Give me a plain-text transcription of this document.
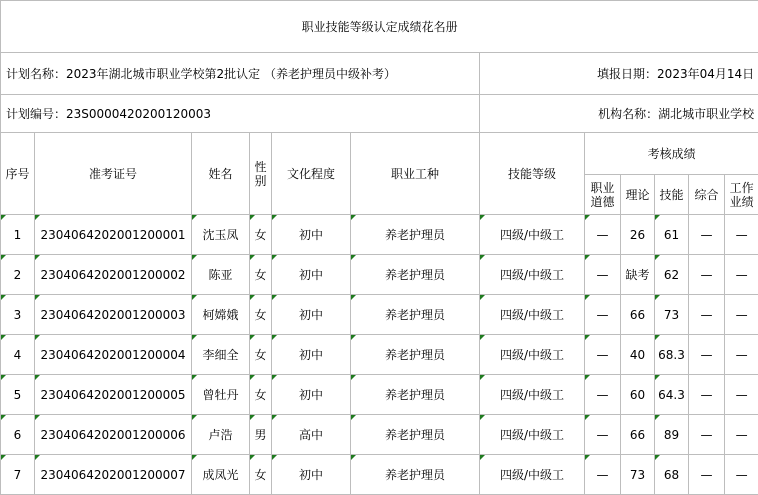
职业技能等级认定成绩花名册											
计划名称：2023年湖北城市职业学校第2批认定 （养老护理员中级补考）						填报日期：2023年04月14日					
计划编号：23S0000420200120003						机构名称：湖北城市职业学校					
序号	准考证号	姓名	性别	文化程度	职业工种	技能等级	考核成绩				
							职业道德	理论	技能	综合	工作业绩
1	2304064202001200001	沈玉凤	女	初中	养老护理员	四级/中级工	—	26	61	—	—
2	2304064202001200002	陈亚	女	初中	养老护理员	四级/中级工	—	缺考	62	—	—
3	2304064202001200003	柯嫦娥	女	初中	养老护理员	四级/中级工	—	66	73	—	—
4	2304064202001200004	李细全	女	初中	养老护理员	四级/中级工	—	40	68.3	—	—
5	2304064202001200005	曾牡丹	女	初中	养老护理员	四级/中级工	—	60	64.3	—	—
6	2304064202001200006	卢浩	男	高中	养老护理员	四级/中级工	—	66	89	—	—
7	2304064202001200007	成凤光	女	初中	养老护理员	四级/中级工	—	73	68	—	—
